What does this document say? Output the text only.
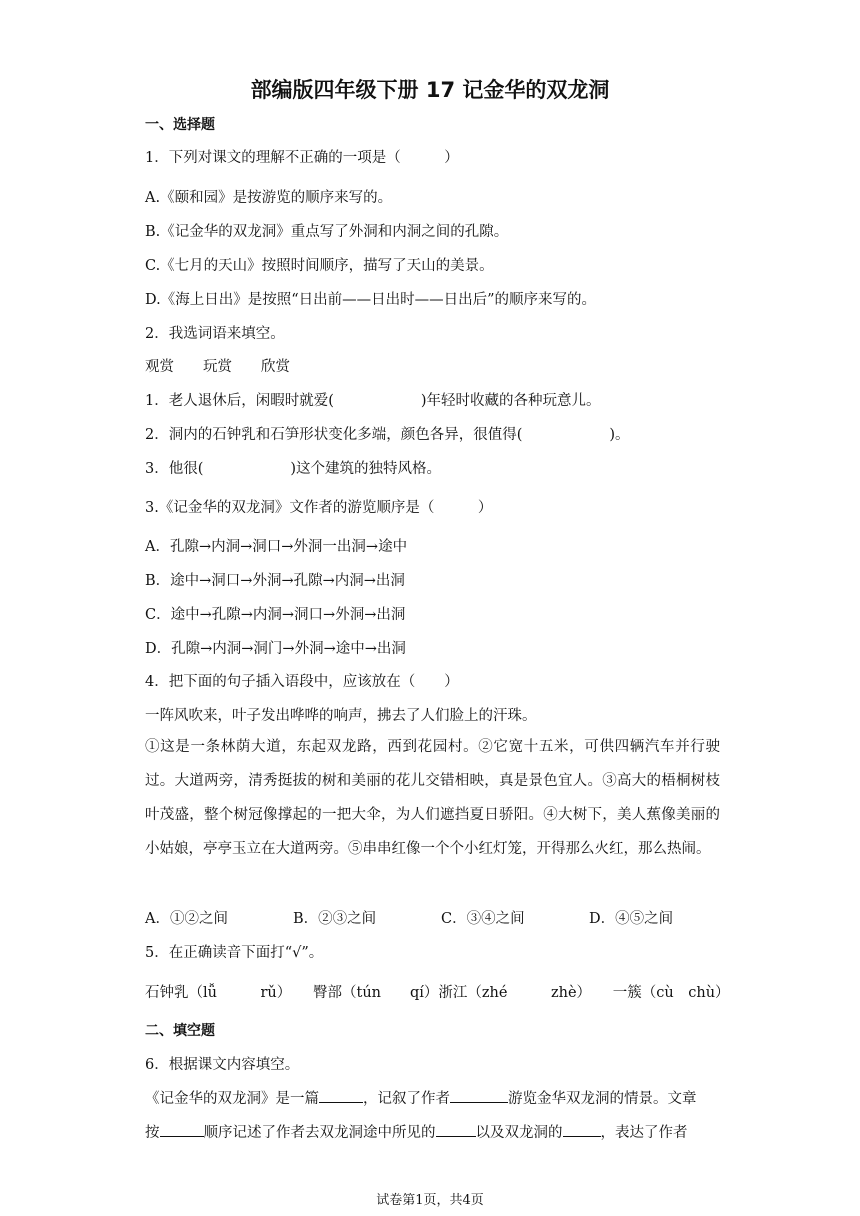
部编版四年级下册 17 记金华的双龙洞
一、选择题
1．下列对课文的理解不正确的一项是（　　　）
A.《颐和园》是按游览的顺序来写的。
B.《记金华的双龙洞》重点写了外洞和内洞之间的孔隙。
C.《七月的天山》按照时间顺序，描写了天山的美景。
D.《海上日出》是按照“日出前——日出时——日出后”的顺序来写的。
2．我选词语来填空。
观赏　　玩赏　　欣赏
1．老人退休后，闲暇时就爱(　　　　　　)年轻时收藏的各种玩意儿。
2．洞内的石钟乳和石笋形状变化多端，颜色各异，很值得(　　　　　　)。
3．他很(　　　　　　)这个建筑的独特风格。
3.《记金华的双龙洞》文作者的游览顺序是（　　　）
A．孔隙→内洞→洞口→外洞一出洞→途中
B．途中→洞口→外洞→孔隙→内洞→出洞
C．途中→孔隙→内洞→洞口→外洞→出洞
D．孔隙→内洞→洞门→外洞→途中→出洞
4．把下面的句子插入语段中，应该放在（　　）
一阵风吹来，叶子发出哗哗的响声，拂去了人们脸上的汗珠。
①这是一条林荫大道，东起双龙路，西到花园村。②它宽十五米，可供四辆汽车并行驶过。大道两旁，清秀挺拔的树和美丽的花儿交错相映，真是景色宜人。③高大的梧桐树枝叶茂盛，整个树冠像撑起的一把大伞，为人们遮挡夏日骄阳。④大树下，美人蕉像美丽的小姑娘，亭亭玉立在大道两旁。⑤串串红像一个个小红灯笼，开得那么火红，那么热闹。
A．①②之间	B．②③之间	C．③④之间	D．④⑤之间
5．在正确读音下面打“√”。
石钟乳（lǚ　　　rǔ）　　臀部（tún　　qí）浙江（zhé　　　zhè）　　一簇（cù　chù）
二、填空题
6．根据课文内容填空。
《记金华的双龙洞》是一篇	，记叙了作者	游览金华双龙洞的情景。文章
按	顺序记述了作者去双龙洞途中所见的	以及双龙洞的	，表达了作者
试卷第1页，共4页
